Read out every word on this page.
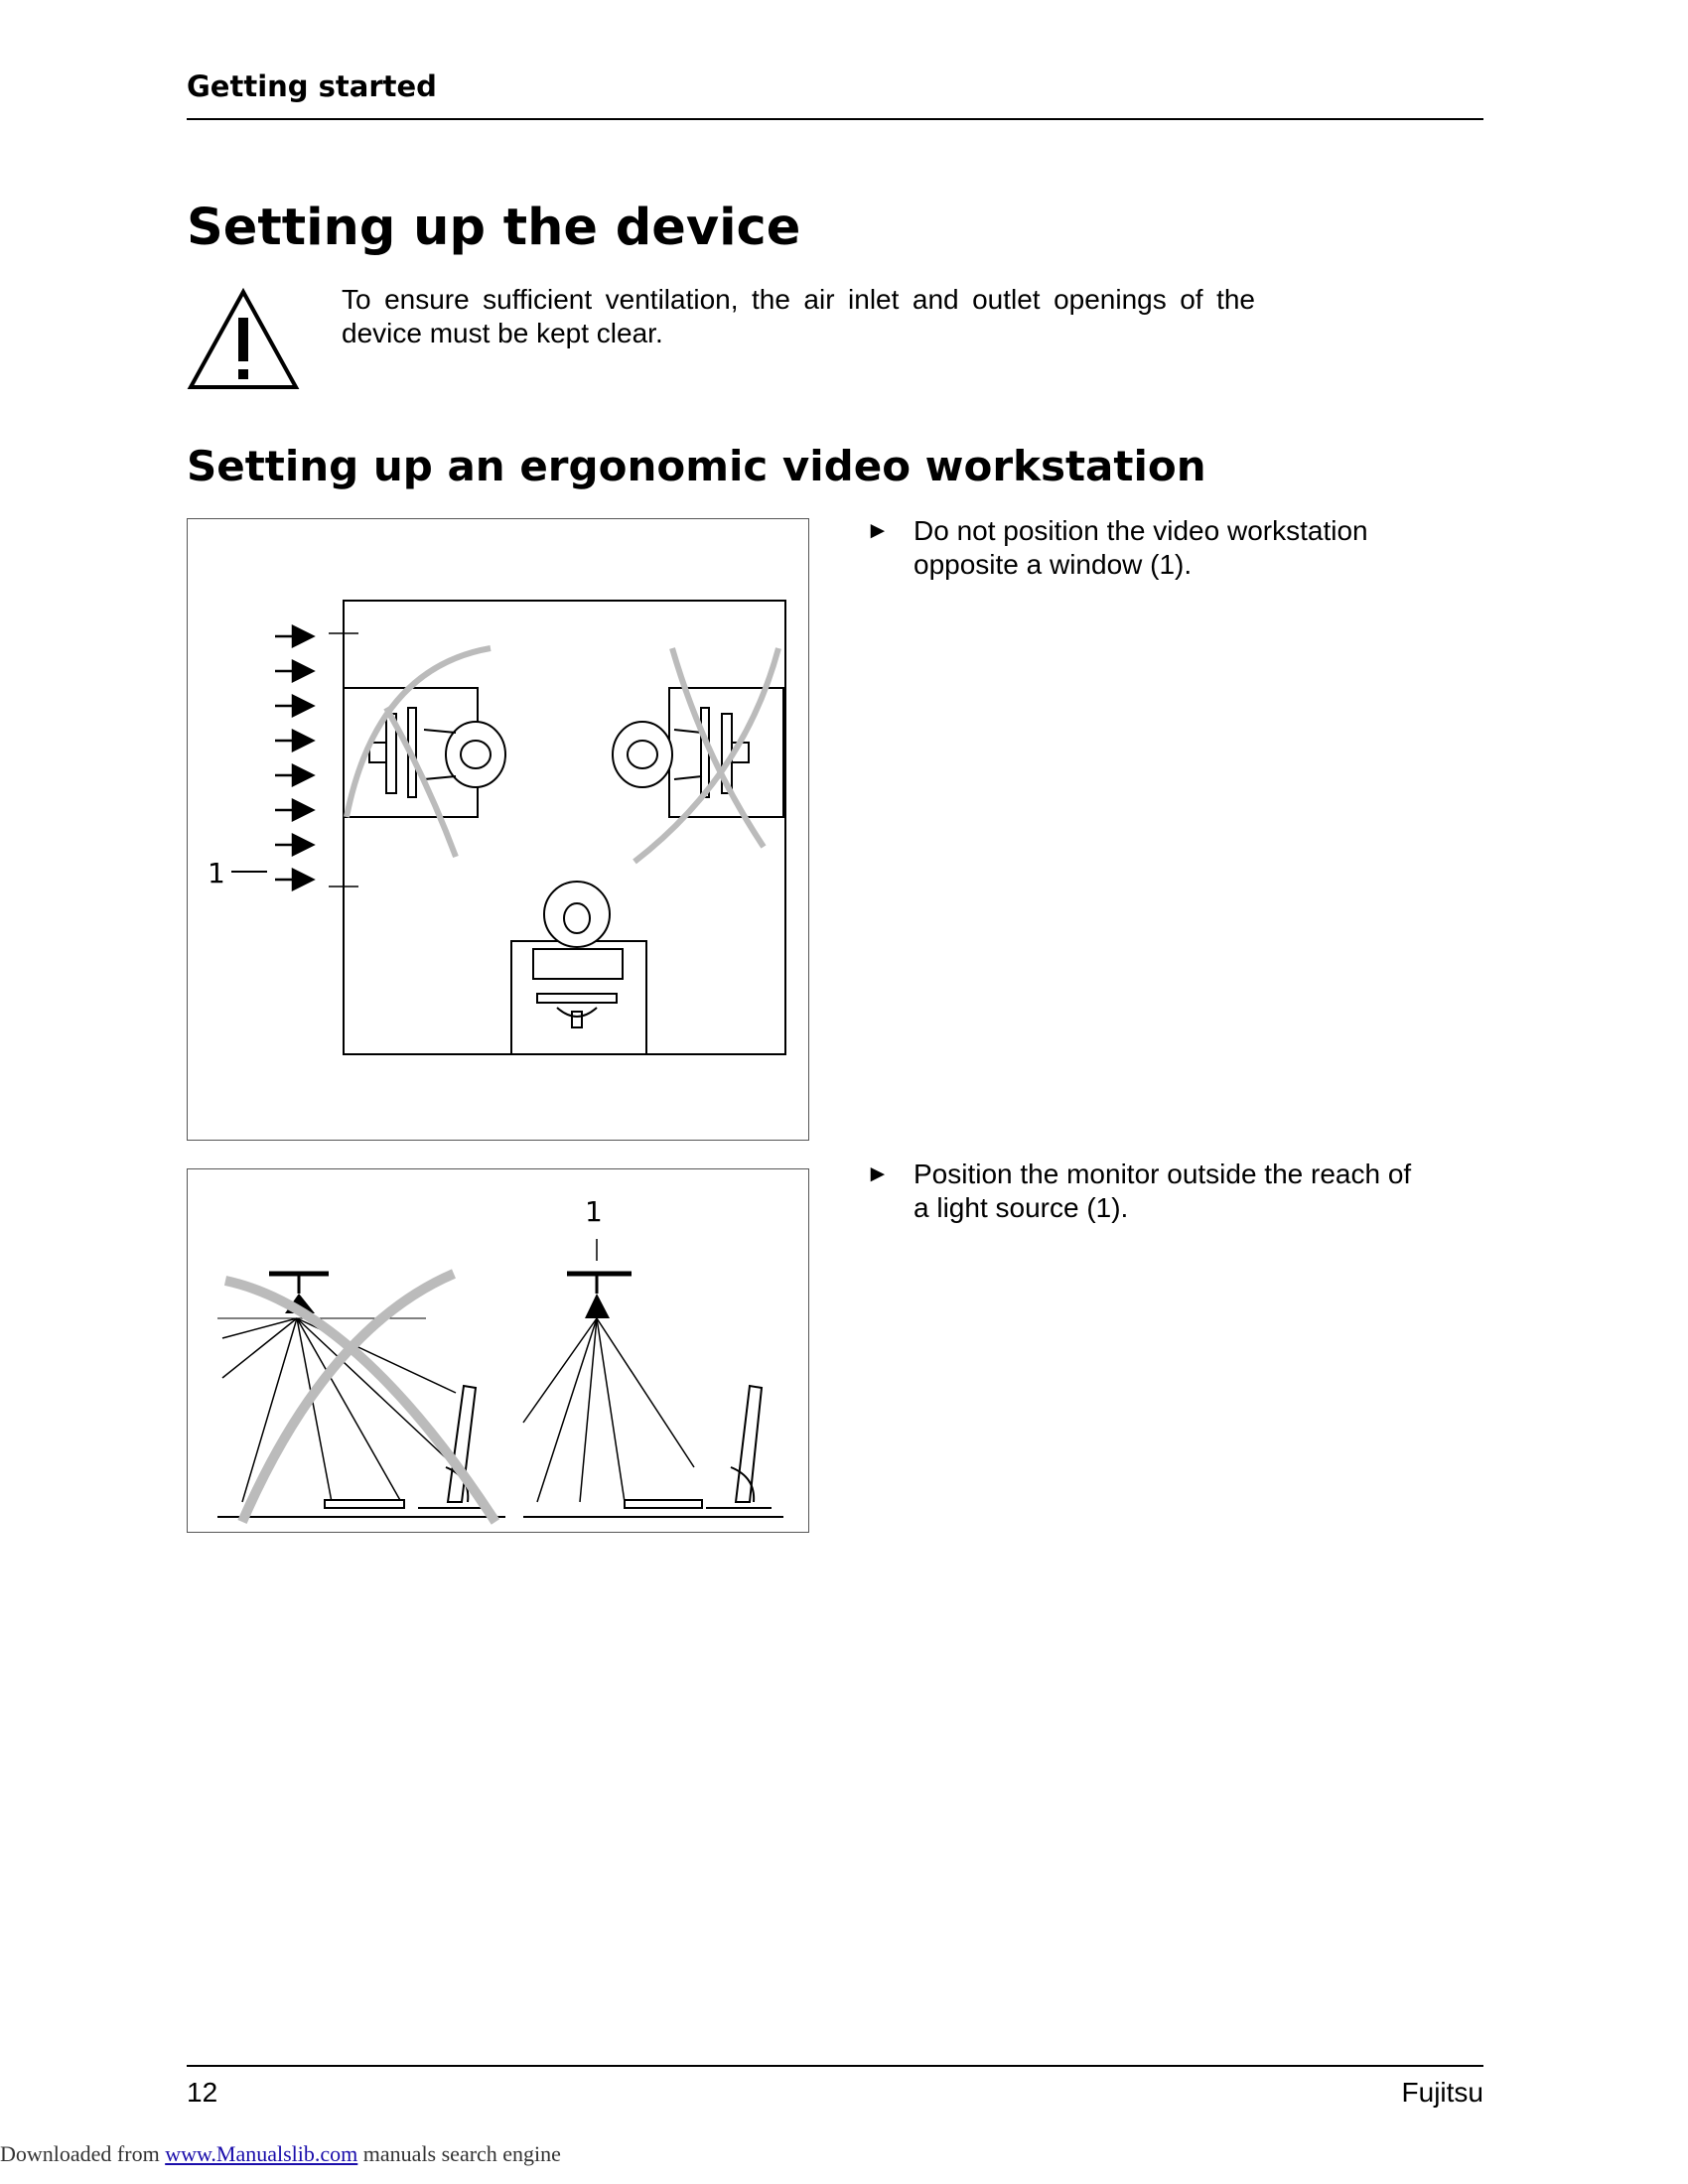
Getting started
Setting up the device
To ensure sufficient ventilation, the air inlet and outlet openings of the device must be kept clear.
Setting up an ergonomic video workstation
1
1
► Do not position the video workstation opposite a window (1).
► Position the monitor outside the reach of a light source (1).
12	Fujitsu
Downloaded from www.Manualslib.com manuals search engine
